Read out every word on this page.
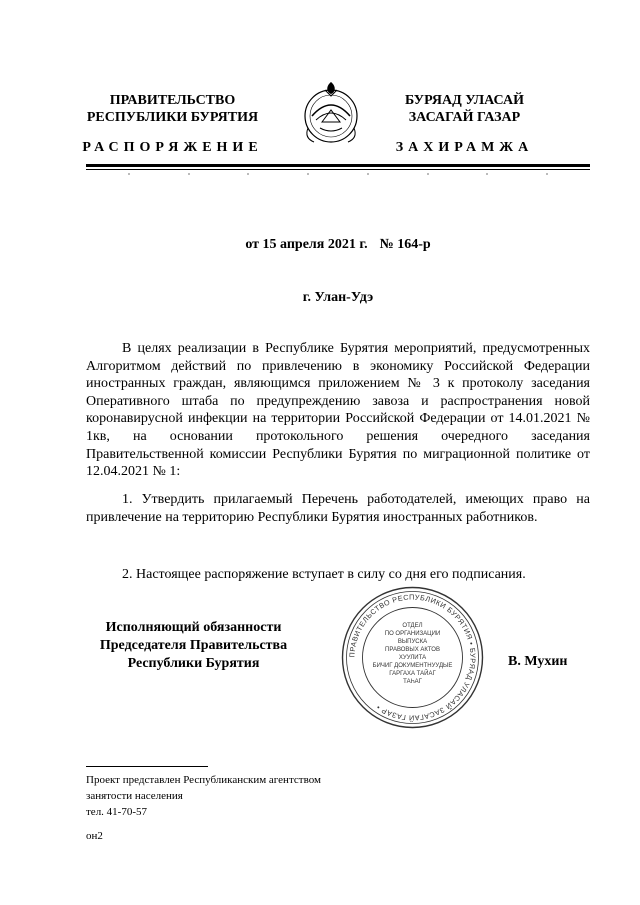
ПРАВИТЕЛЬСТВО
РЕСПУБЛИКИ БУРЯТИЯ
БУРЯАД УЛАСАЙ
ЗАСАГАЙ ГАЗАР
РАСПОРЯЖЕНИЕ	ЗАХИРАМЖА
от 15 апреля 2021 г. № 164-р
г. Улан-Удэ
В целях реализации в Республике Бурятия мероприятий, предусмотренных Алгоритмом действий по привлечению в экономику Российской Федерации иностранных граждан, являющимся приложением № 3 к протоколу заседания Оперативного штаба по предупреждению завоза и распространения новой коронавирусной инфекции на территории Российской Федерации от 14.01.2021 № 1кв, на основании протокольного решения очередного заседания Правительственной комиссии Республики Бурятия по миграционной политике от 12.04.2021 № 1:
1. Утвердить прилагаемый Перечень работодателей, имеющих право на привлечение на территорию Республики Бурятия иностранных работников.
2. Настоящее распоряжение вступает в силу со дня его подписания.
Исполняющий обязанности
Председателя Правительства
Республики Бурятия
ПРАВИТЕЛЬСТВО РЕСПУБЛИКИ БУРЯТИЯ • БУРЯАД УЛАСАЙ ЗАСАГАЙ ГАЗАР •
ОТДЕЛ
ПО ОРГАНИЗАЦИИ
ВЫПУСКА
ПРАВОВЫХ АКТОВ
ХУУЛИТА
БИЧИГ ДОКУМЕНТНУУДЫЕ
ГАРГАХА ТАЙАГ
ТАҺАГ
В. Мухин
Проект представлен Республиканским агентством
занятости населения
тел. 41-70-57
он2
